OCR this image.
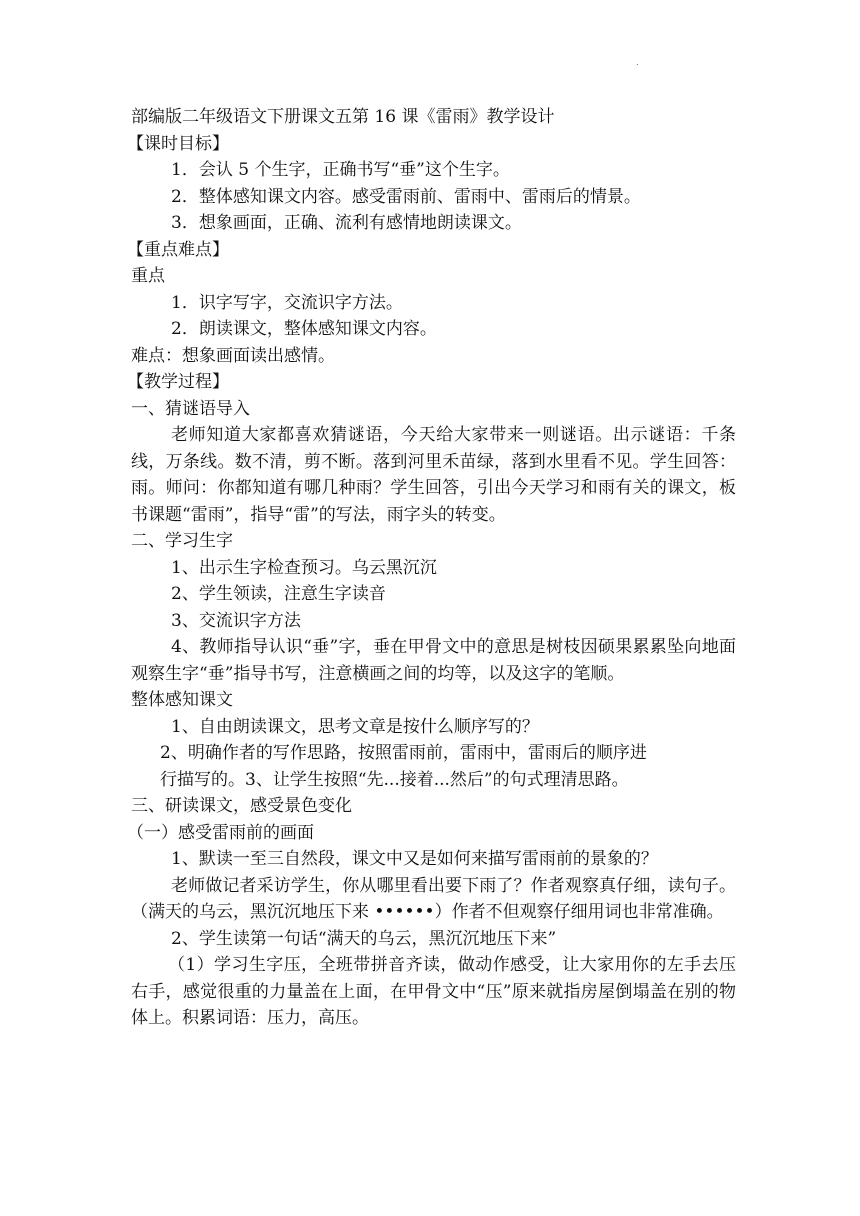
.
部编版二年级语文下册课文五第 16 课《雷雨》教学设计
【课时目标】
1．会认 5 个生字，正确书写“垂”这个生字。
2．整体感知课文内容。感受雷雨前、雷雨中、雷雨后的情景。
3．想象画面，正确、流利有感情地朗读课文。
【重点难点】
重点
1．识字写字，交流识字方法。
2．朗读课文，整体感知课文内容。
难点：想象画面读出感情。
【教学过程】
一、猜谜语导入
老师知道大家都喜欢猜谜语，今天给大家带来一则谜语。出示谜语：千条线，万条线。数不清，剪不断。落到河里禾苗绿，落到水里看不见。学生回答：雨。师问：你都知道有哪几种雨？学生回答，引出今天学习和雨有关的课文，板书课题“雷雨”，指导“雷”的写法，雨字头的转变。
二、学习生字
1、出示生字检查预习。乌云黑沉沉
2、学生领读，注意生字读音
3、交流识字方法
4、教师指导认识“垂”字，垂在甲骨文中的意思是树枝因硕果累累坠向地面观察生字“垂”指导书写，注意横画之间的均等，以及这字的笔顺。
整体感知课文
1、自由朗读课文，思考文章是按什么顺序写的？
2、明确作者的写作思路，按照雷雨前，雷雨中，雷雨后的顺序进
行描写的。3、让学生按照“先...接着...然后”的句式理清思路。
三、研读课文，感受景色变化
（一）感受雷雨前的画面
1、默读一至三自然段，课文中又是如何来描写雷雨前的景象的？
老师做记者采访学生，你从哪里看出要下雨了？作者观察真仔细，读句子。（满天的乌云，黑沉沉地压下来 ••••••）作者不但观察仔细用词也非常准确。
2、学生读第一句话“满天的乌云，黑沉沉地压下来”
（1）学习生字压，全班带拼音齐读，做动作感受，让大家用你的左手去压右手，感觉很重的力量盖在上面，在甲骨文中“压”原来就指房屋倒塌盖在别的物体上。积累词语：压力，高压。
